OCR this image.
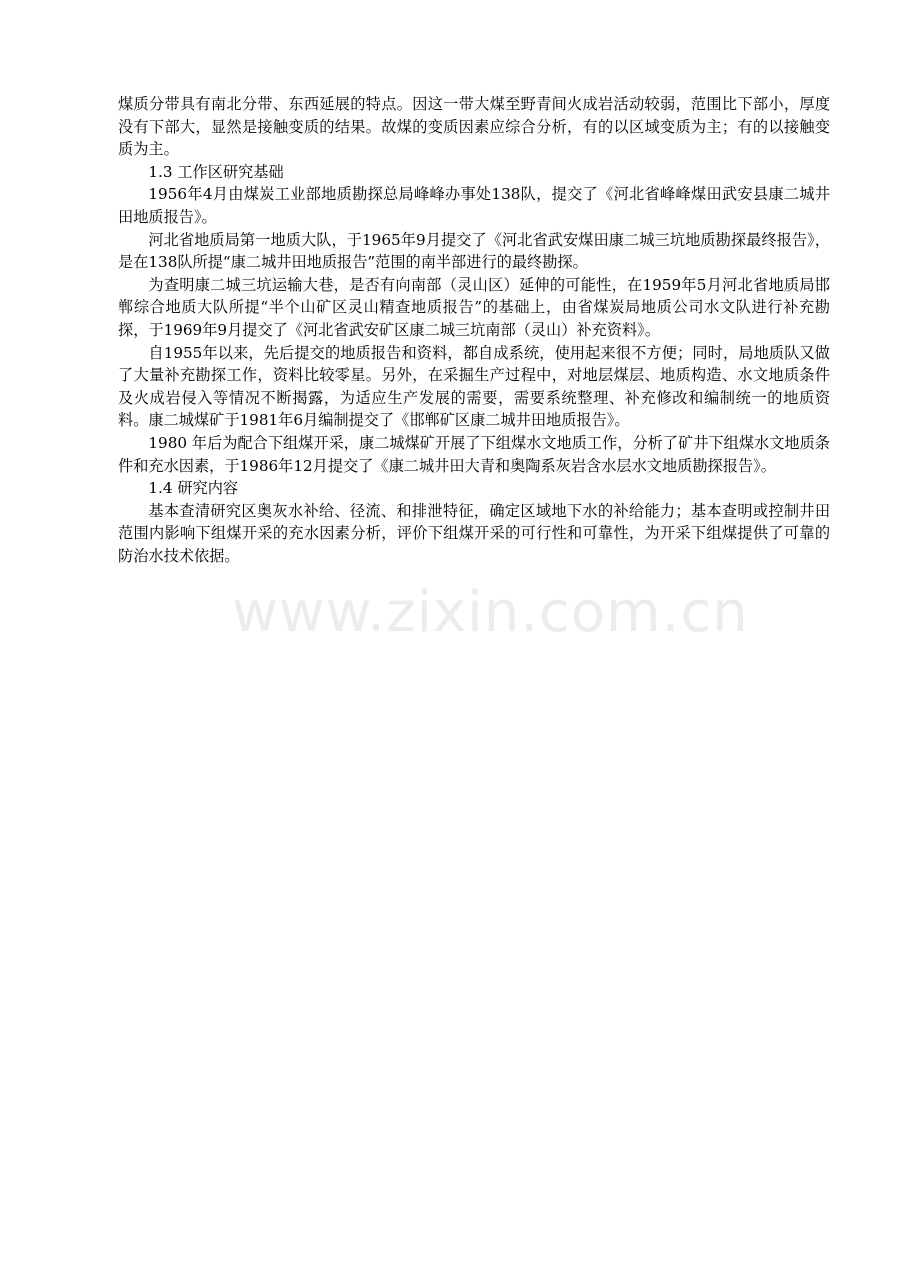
煤质分带具有南北分带、东西延展的特点。因这一带大煤至野青间火成岩活动较弱，范围比下部小，厚度没有下部大，显然是接触变质的结果。故煤的变质因素应综合分析，有的以区域变质为主；有的以接触变质为主。

1.3 工作区研究基础

1956年4月由煤炭工业部地质勘探总局峰峰办事处138队，提交了《河北省峰峰煤田武安县康二城井田地质报告》。

河北省地质局第一地质大队，于1965年9月提交了《河北省武安煤田康二城三坑地质勘探最终报告》，是在138队所提“康二城井田地质报告”范围的南半部进行的最终勘探。

为查明康二城三坑运输大巷，是否有向南部（灵山区）延伸的可能性，在1959年5月河北省地质局邯郸综合地质大队所提“半个山矿区灵山精查地质报告”的基础上，由省煤炭局地质公司水文队进行补充勘探，于1969年9月提交了《河北省武安矿区康二城三坑南部（灵山）补充资料》。

自1955年以来，先后提交的地质报告和资料，都自成系统，使用起来很不方便；同时，局地质队又做了大量补充勘探工作，资料比较零星。另外，在采掘生产过程中，对地层煤层、地质构造、水文地质条件及火成岩侵入等情况不断揭露，为适应生产发展的需要，需要系统整理、补充修改和编制统一的地质资料。康二城煤矿于1981年6月编制提交了《邯郸矿区康二城井田地质报告》。

1980 年后为配合下组煤开采，康二城煤矿开展了下组煤水文地质工作，分析了矿井下组煤水文地质条件和充水因素，于1986年12月提交了《康二城井田大青和奥陶系灰岩含水层水文地质勘探报告》。

1.4 研究内容

基本查清研究区奥灰水补给、径流、和排泄特征，确定区域地下水的补给能力；基本查明或控制井田范围内影响下组煤开采的充水因素分析，评价下组煤开采的可行性和可靠性，为开采下组煤提供了可靠的防治水技术依据。

www.zixin.com.cn
